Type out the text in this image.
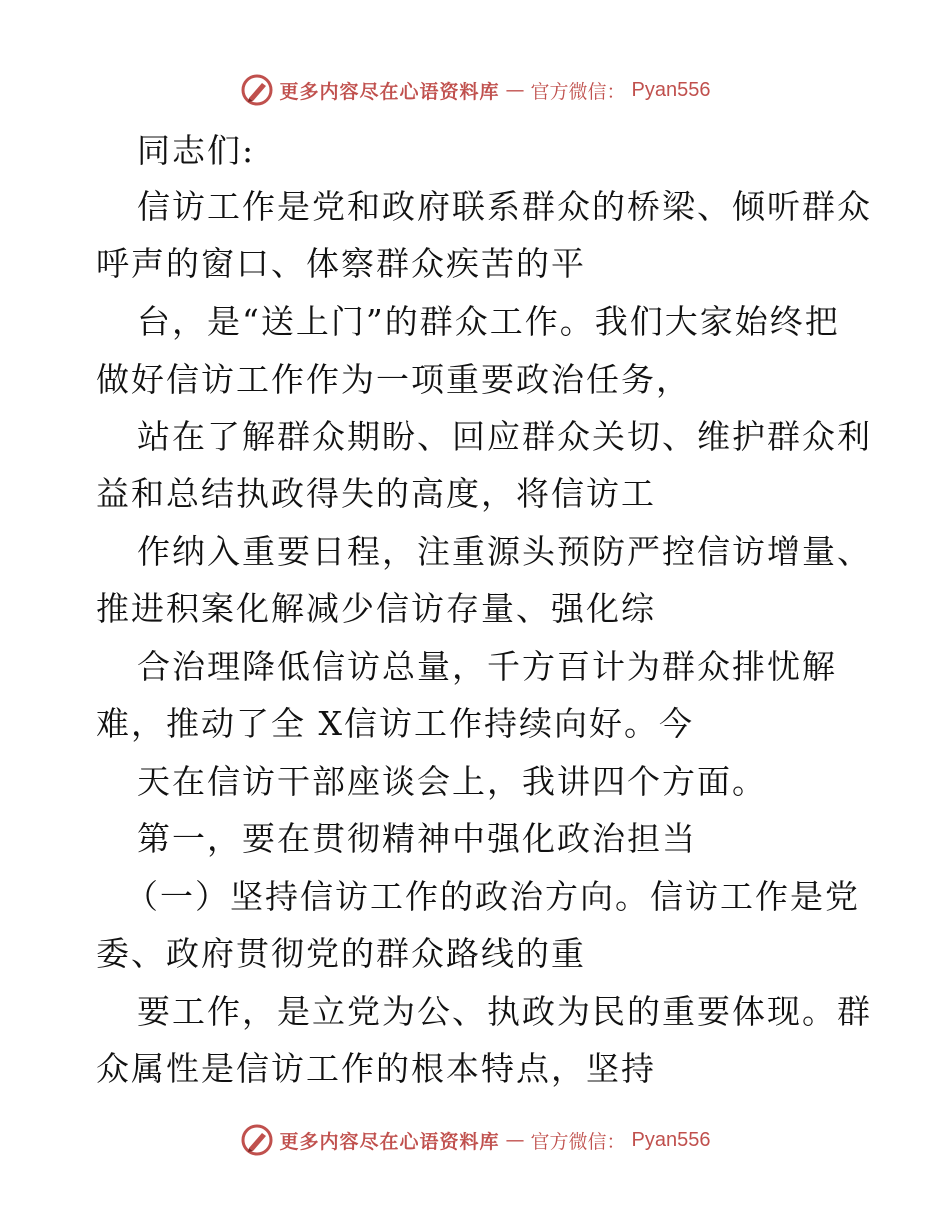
更多内容尽在心语资料库 — 官方微信： Pyan556
同志们:
信访工作是党和政府联系群众的桥梁、倾听群众
呼声的窗口、体察群众疾苦的平
台，是“送上门”的群众工作。我们大家始终把
做好信访工作作为一项重要政治任务，
站在了解群众期盼、回应群众关切、维护群众利
益和总结执政得失的高度，将信访工
作纳入重要日程，注重源头预防严控信访增量、
推进积案化解减少信访存量、强化综
合治理降低信访总量，千方百计为群众排忧解
难，推动了全 X信访工作持续向好。今
天在信访干部座谈会上，我讲四个方面。
第一，要在贯彻精神中强化政治担当
（一）坚持信访工作的政治方向。信访工作是党
委、政府贯彻党的群众路线的重
要工作，是立党为公、执政为民的重要体现。群
众属性是信访工作的根本特点，坚持
更多内容尽在心语资料库 — 官方微信： Pyan556
